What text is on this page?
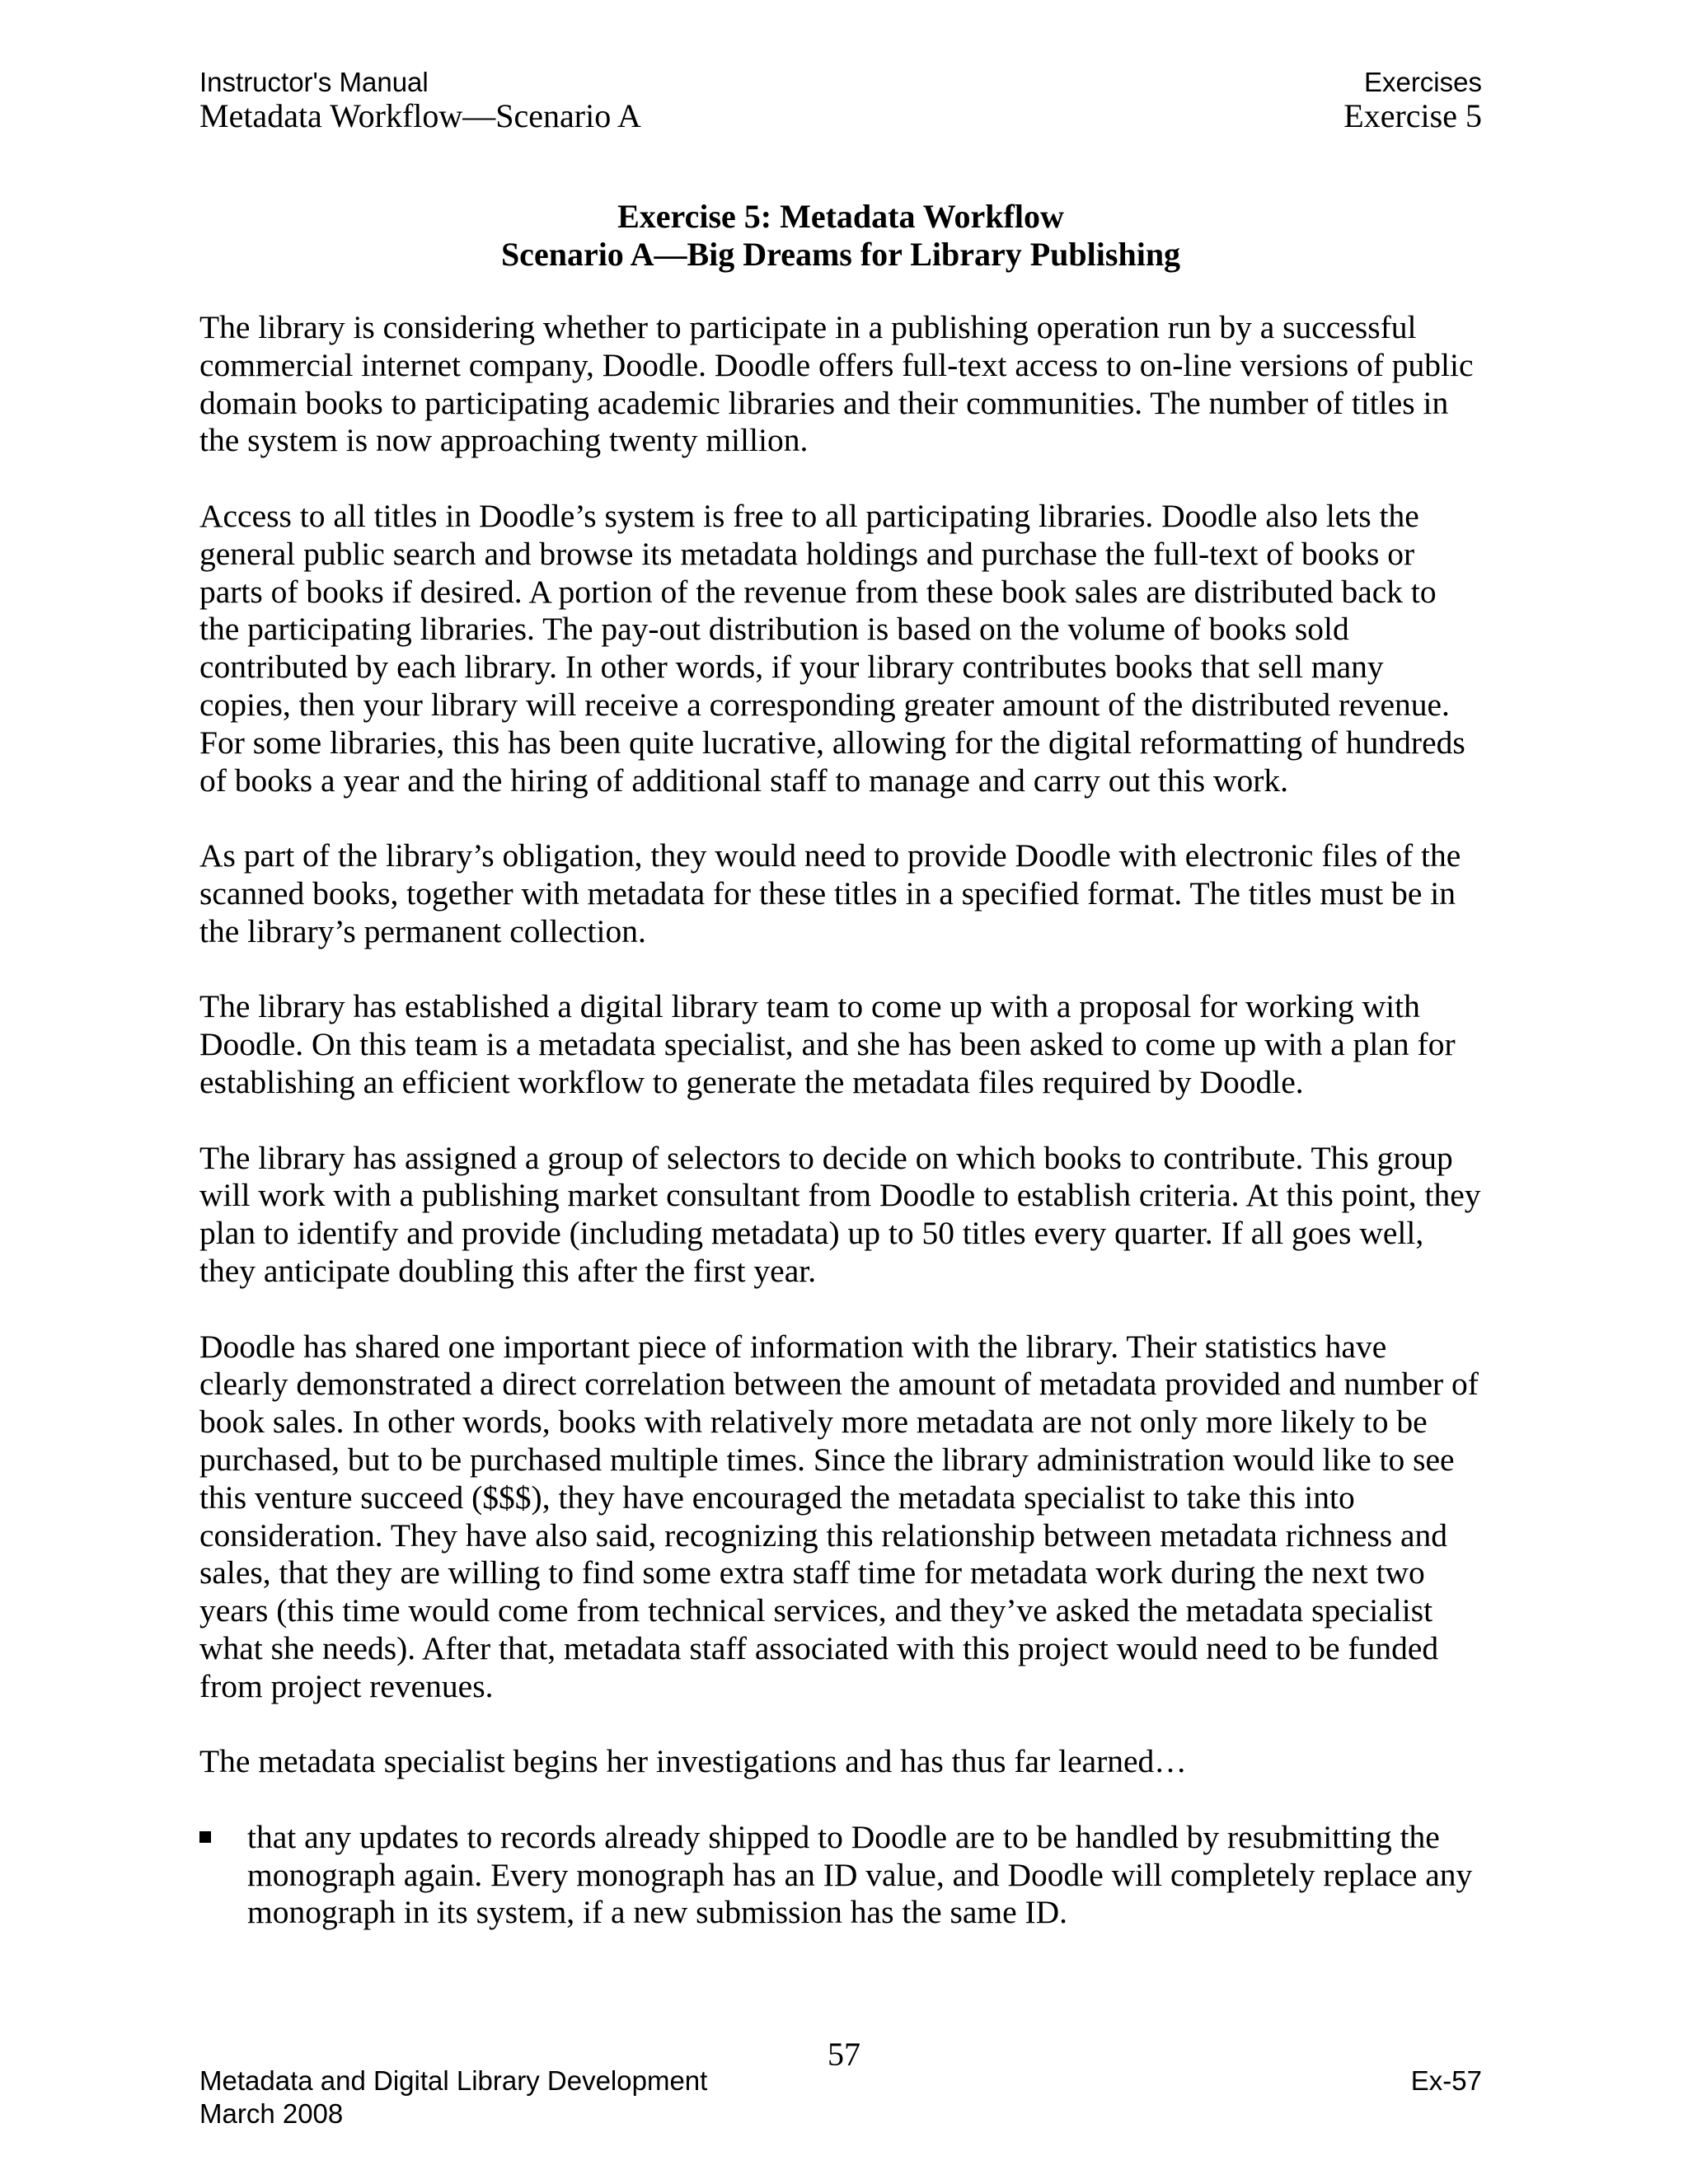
Instructor's Manual
Metadata Workflow—Scenario A
Exercises
Exercise 5
Exercise 5: Metadata Workflow
Scenario A—Big Dreams for Library Publishing

The library is considering whether to participate in a publishing operation run by a successful commercial internet company, Doodle. Doodle offers full-text access to on-line versions of public domain books to participating academic libraries and their communities. The number of titles in the system is now approaching twenty million.

Access to all titles in Doodle’s system is free to all participating libraries. Doodle also lets the general public search and browse its metadata holdings and purchase the full-text of books or parts of books if desired. A portion of the revenue from these book sales are distributed back to the participating libraries. The pay-out distribution is based on the volume of books sold contributed by each library. In other words, if your library contributes books that sell many copies, then your library will receive a corresponding greater amount of the distributed revenue. For some libraries, this has been quite lucrative, allowing for the digital reformatting of hundreds of books a year and the hiring of additional staff to manage and carry out this work.

As part of the library’s obligation, they would need to provide Doodle with electronic files of the scanned books, together with metadata for these titles in a specified format. The titles must be in the library’s permanent collection.

The library has established a digital library team to come up with a proposal for working with Doodle. On this team is a metadata specialist, and she has been asked to come up with a plan for establishing an efficient workflow to generate the metadata files required by Doodle.

The library has assigned a group of selectors to decide on which books to contribute. This group will work with a publishing market consultant from Doodle to establish criteria. At this point, they plan to identify and provide (including metadata) up to 50 titles every quarter. If all goes well, they anticipate doubling this after the first year.

Doodle has shared one important piece of information with the library. Their statistics have clearly demonstrated a direct correlation between the amount of metadata provided and number of book sales. In other words, books with relatively more metadata are not only more likely to be purchased, but to be purchased multiple times. Since the library administration would like to see this venture succeed ($$$), they have encouraged the metadata specialist to take this into consideration. They have also said, recognizing this relationship between metadata richness and sales, that they are willing to find some extra staff time for metadata work during the next two years (this time would come from technical services, and they’ve asked the metadata specialist what she needs). After that, metadata staff associated with this project would need to be funded from project revenues.

The metadata specialist begins her investigations and has thus far learned…

that any updates to records already shipped to Doodle are to be handled by resubmitting the monograph again. Every monograph has an ID value, and Doodle will completely replace any monograph in its system, if a new submission has the same ID.
57
Metadata and Digital Library Development
March 2008
Ex-57
